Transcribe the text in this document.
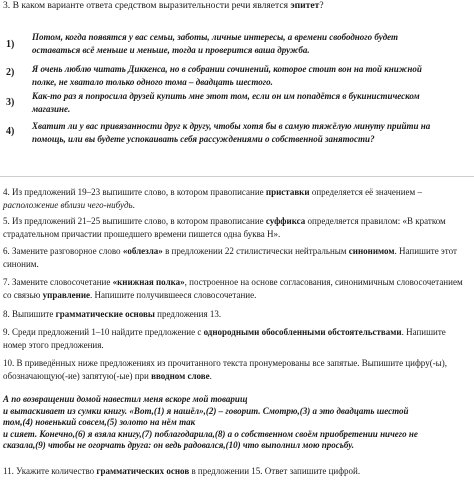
3. В каком варианте ответа средством выразительности речи является эпитет?
1)
Потом, когда появятся у вас семьи, заботы, личные интересы, а времени свободного будет оставаться всё меньше и меньше, тогда и проверится ваша дружба.
2) Я очень люблю читать Диккенса, но в собрании сочинений, которое стоит вон на той книжной полке, не хватало только одного тома – двадцать шестого.
3)
Как-то раз я попросила друзей купить мне этот том, если он им попадётся в букинистическом магазине.
4) Хватит ли у вас привязанности друг к другу, чтобы хотя бы в самую тяжёлую минуту прийти на помощь, или вы будете успокаивать себя рассуждениями о собственной занятости?
4. Из предложений 19–23 выпишите слово, в котором правописание приставки определяется её значением – расположение вблизи чего-нибудь.
5. Из предложений 21–25 выпишите слово, в котором правописание суффикса определяется правилом: «В кратком страдательном причастии прошедшего времени пишется одна буква Н».
6. Замените разговорное слово «облезла» в предложении 22 стилистически нейтральным синонимом. Напишите этот синоним.
7. Замените словосочетание «книжная полка», построенное на основе согласования, синонимичным словосочетанием со связью управление. Напишите получившееся словосочетание.
8. Выпишите грамматические основы предложения 13.
9. Среди предложений 1–10 найдите предложение с однородными обособленными обстоятельствами. Напишите номер этого предложения.
10. В приведённых ниже предложениях из прочитанного текста пронумерованы все запятые. Выпишите цифру(-ы), обозначающую(-ие) запятую(-ые) при вводном слове.
А по возвращении домой навестил меня вскоре мой товарищ
и вытаскивает из сумки книгу. «Вот,(1) я нашёл»,(2) – говорит. Смотрю,(3) а это двадцать шестой
том,(4) новенький совсем,(5) золото на нём так
и сияет. Конечно,(6) я взяла книгу,(7) поблагодарила,(8) а о собственном своём приобретении ничего не
сказала,(9) чтобы не огорчать друга: он ведь радовался,(10) что выполнил мою просьбу.
11. Укажите количество грамматических основ в предложении 15. Ответ запишите цифрой.
